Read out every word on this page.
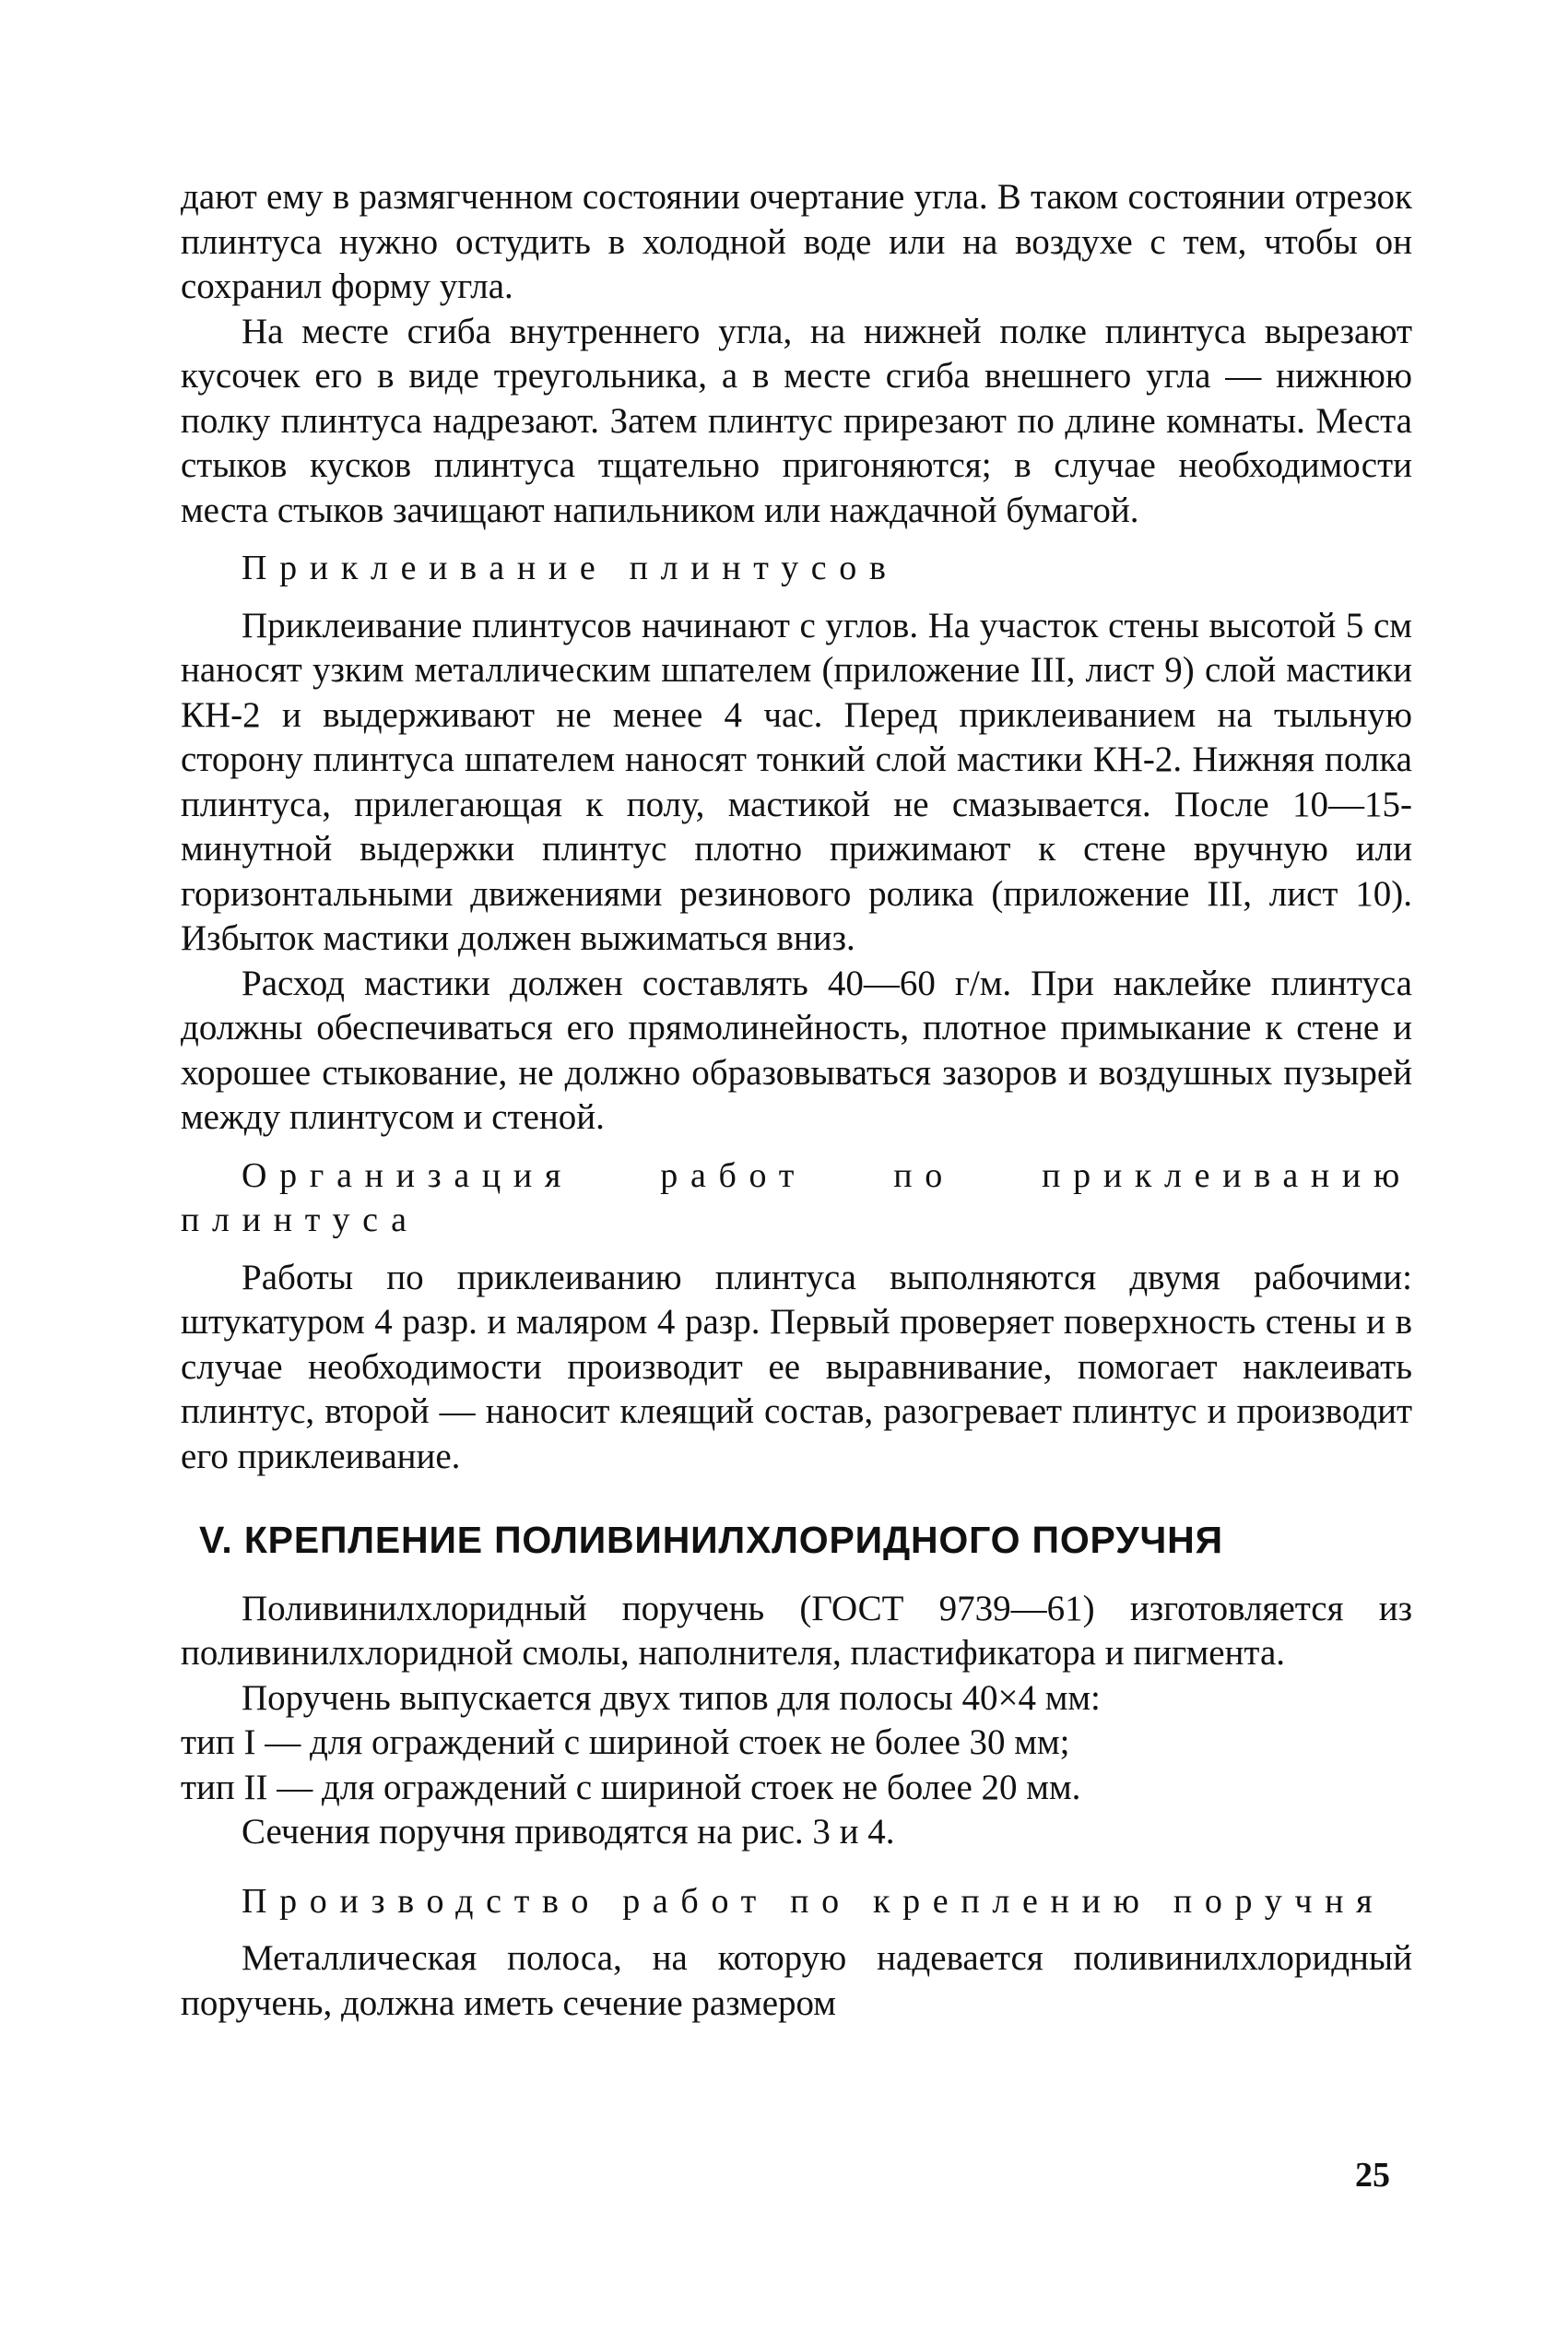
дают ему в размягченном состоянии очертание угла. В таком состоянии отрезок плинтуса нужно остудить в холодной воде или на воздухе с тем, чтобы он сохранил форму угла.

На месте сгиба внутреннего угла, на нижней полке плинтуса вырезают кусочек его в виде треугольника, а в месте сгиба внешнего угла — нижнюю полку плинтуса надрезают. Затем плинтус прирезают по длине комнаты. Места стыков кусков плинтуса тщательно пригоняются; в случае необходимости места стыков зачищают напильником или наждачной бумагой.

Приклеивание плинтусов

Приклеивание плинтусов начинают с углов. На участок стены высотой 5 см наносят узким металлическим шпателем (приложение III, лист 9) слой мастики КН-2 и выдерживают не менее 4 час. Перед приклеиванием на тыльную сторону плинтуса шпателем наносят тонкий слой мастики КН-2. Нижняя полка плинтуса, прилегающая к полу, мастикой не смазывается. После 10—15-минутной выдержки плинтус плотно прижимают к стене вручную или горизонтальными движениями резинового ролика (приложение III, лист 10). Избыток мастики должен выжиматься вниз.

Расход мастики должен составлять 40—60 г/м. При наклейке плинтуса должны обеспечиваться его прямолинейность, плотное примыкание к стене и хорошее стыкование, не должно образовываться зазоров и воздушных пузырей между плинтусом и стеной.

Организация работ по приклеиванию плинтуса

Работы по приклеиванию плинтуса выполняются двумя рабочими: штукатуром 4 разр. и маляром 4 разр. Первый проверяет поверхность стены и в случае необходимости производит ее выравнивание, помогает наклеивать плинтус, второй — наносит клеящий состав, разогревает плинтус и производит его приклеивание.

V. КРЕПЛЕНИЕ ПОЛИВИНИЛХЛОРИДНОГО ПОРУЧНЯ

Поливинилхлоридный поручень (ГОСТ 9739—61) изготовляется из поливинилхлоридной смолы, наполнителя, пластификатора и пигмента.

Поручень выпускается двух типов для полосы 40×4 мм:

тип I — для ограждений с шириной стоек не более 30 мм;

тип II — для ограждений с шириной стоек не более 20 мм.

Сечения поручня приводятся на рис. 3 и 4.

Производство работ по креплению поручня

Металлическая полоса, на которую надевается поливинилхлоридный поручень, должна иметь сечение размером

25
